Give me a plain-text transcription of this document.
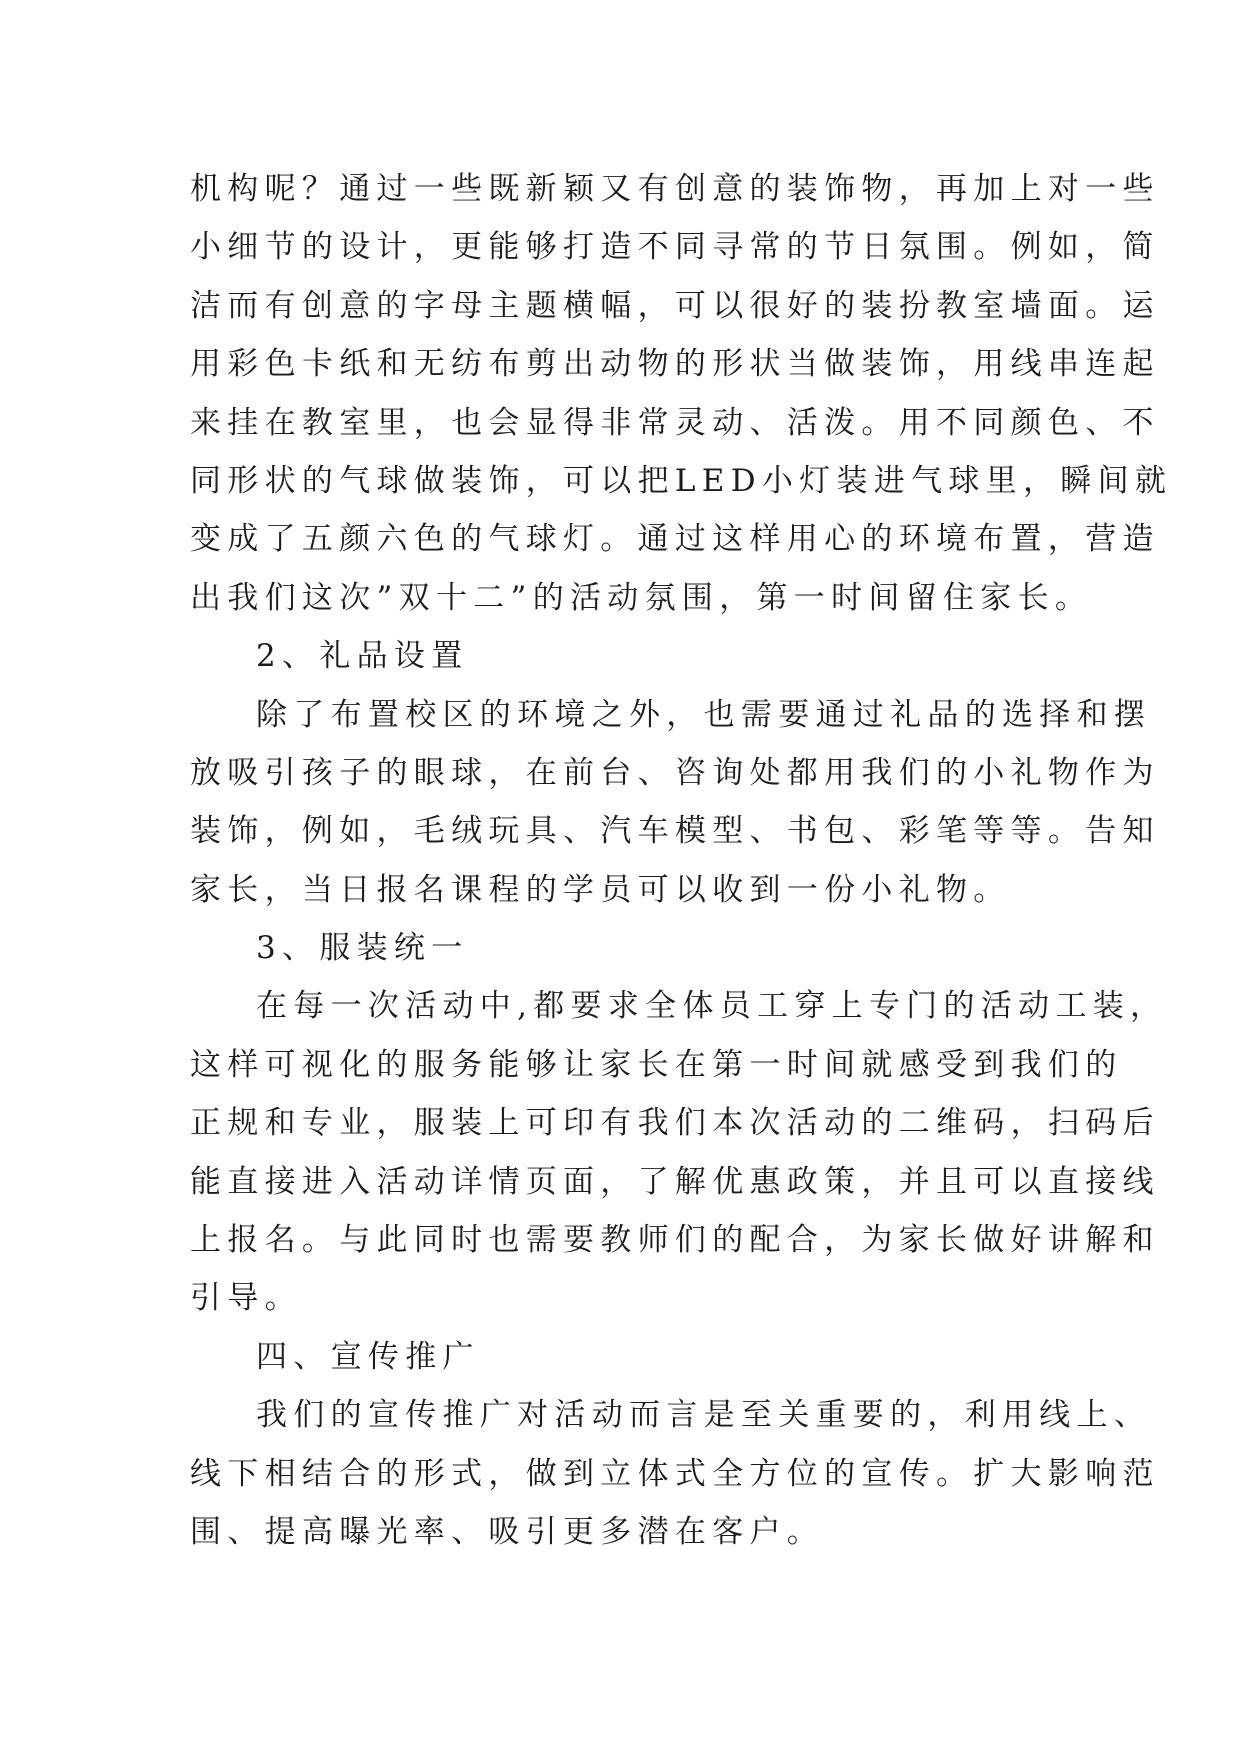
机构呢？通过一些既新颖又有创意的装饰物，再加上对一些
小细节的设计，更能够打造不同寻常的节日氛围。例如，简
洁而有创意的字母主题横幅，可以很好的装扮教室墙面。运
用彩色卡纸和无纺布剪出动物的形状当做装饰，用线串连起
来挂在教室里，也会显得非常灵动、活泼。用不同颜色、不
同形状的气球做装饰，可以把LED小灯装进气球里，瞬间就
变成了五颜六色的气球灯。通过这样用心的环境布置，营造
出我们这次”双十二”的活动氛围，第一时间留住家长。
2、礼品设置
除了布置校区的环境之外，也需要通过礼品的选择和摆
放吸引孩子的眼球，在前台、咨询处都用我们的小礼物作为
装饰，例如，毛绒玩具、汽车模型、书包、彩笔等等。告知
家长，当日报名课程的学员可以收到一份小礼物。
3、服装统一
在每一次活动中,都要求全体员工穿上专门的活动工装，
这样可视化的服务能够让家长在第一时间就感受到我们的
正规和专业，服装上可印有我们本次活动的二维码，扫码后
能直接进入活动详情页面，了解优惠政策，并且可以直接线
上报名。与此同时也需要教师们的配合，为家长做好讲解和
引导。
四、宣传推广
我们的宣传推广对活动而言是至关重要的，利用线上、
线下相结合的形式，做到立体式全方位的宣传。扩大影响范
围、提高曝光率、吸引更多潜在客户。
